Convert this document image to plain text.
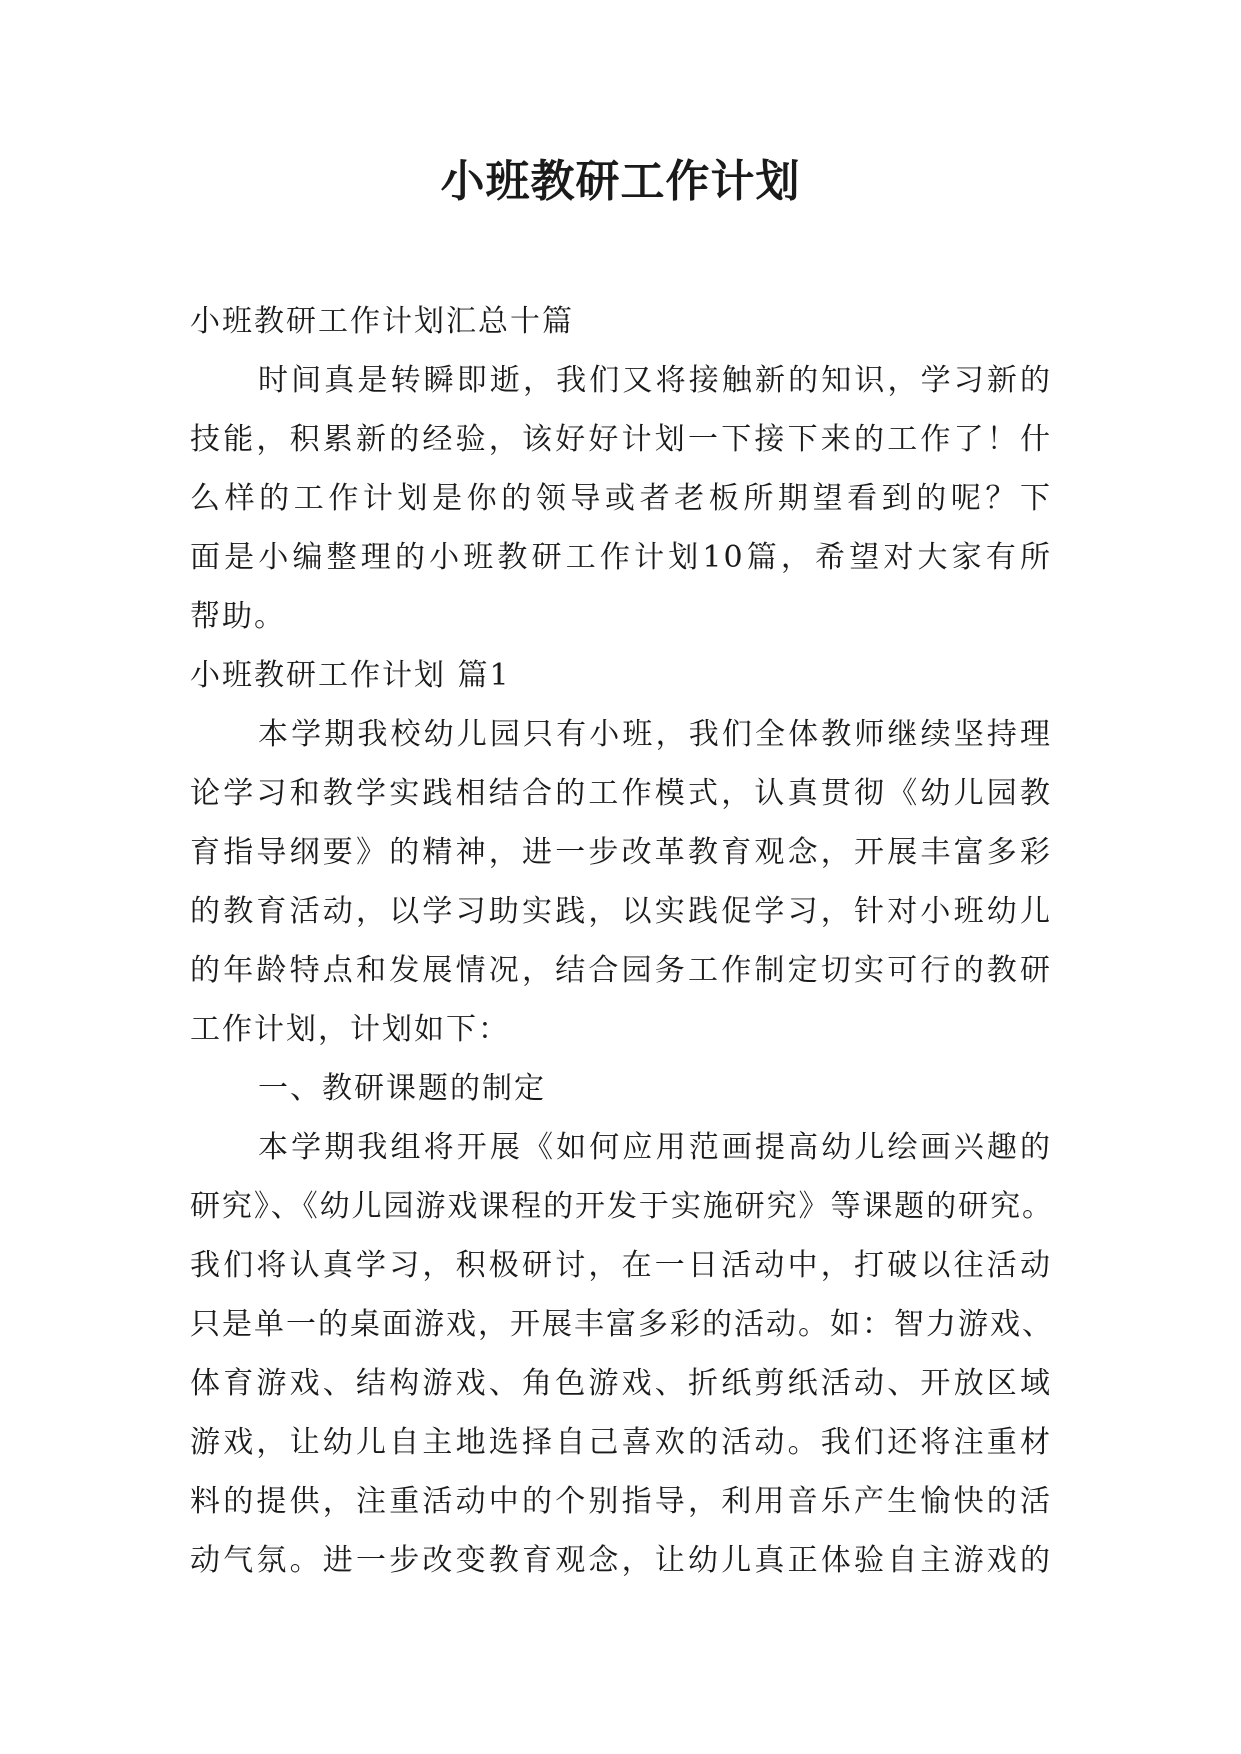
小班教研工作计划

小班教研工作计划汇总十篇

时间真是转瞬即逝，我们又将接触新的知识，学习新的

技能，积累新的经验，该好好计划一下接下来的工作了！什

么样的工作计划是你的领导或者老板所期望看到的呢？下

面是小编整理的小班教研工作计划10篇，希望对大家有所

帮助。

小班教研工作计划 篇1

本学期我校幼儿园只有小班，我们全体教师继续坚持理

论学习和教学实践相结合的工作模式，认真贯彻《幼儿园教

育指导纲要》的精神，进一步改革教育观念，开展丰富多彩

的教育活动，以学习助实践，以实践促学习，针对小班幼儿

的年龄特点和发展情况，结合园务工作制定切实可行的教研

工作计划，计划如下：

一、教研课题的制定

本学期我组将开展《如何应用范画提高幼儿绘画兴趣的

研究》、《幼儿园游戏课程的开发于实施研究》等课题的研究。

我们将认真学习，积极研讨，在一日活动中，打破以往活动

只是单一的桌面游戏，开展丰富多彩的活动。如：智力游戏、

体育游戏、结构游戏、角色游戏、折纸剪纸活动、开放区域

游戏，让幼儿自主地选择自己喜欢的活动。我们还将注重材

料的提供，注重活动中的个别指导，利用音乐产生愉快的活

动气氛。进一步改变教育观念，让幼儿真正体验自主游戏的
